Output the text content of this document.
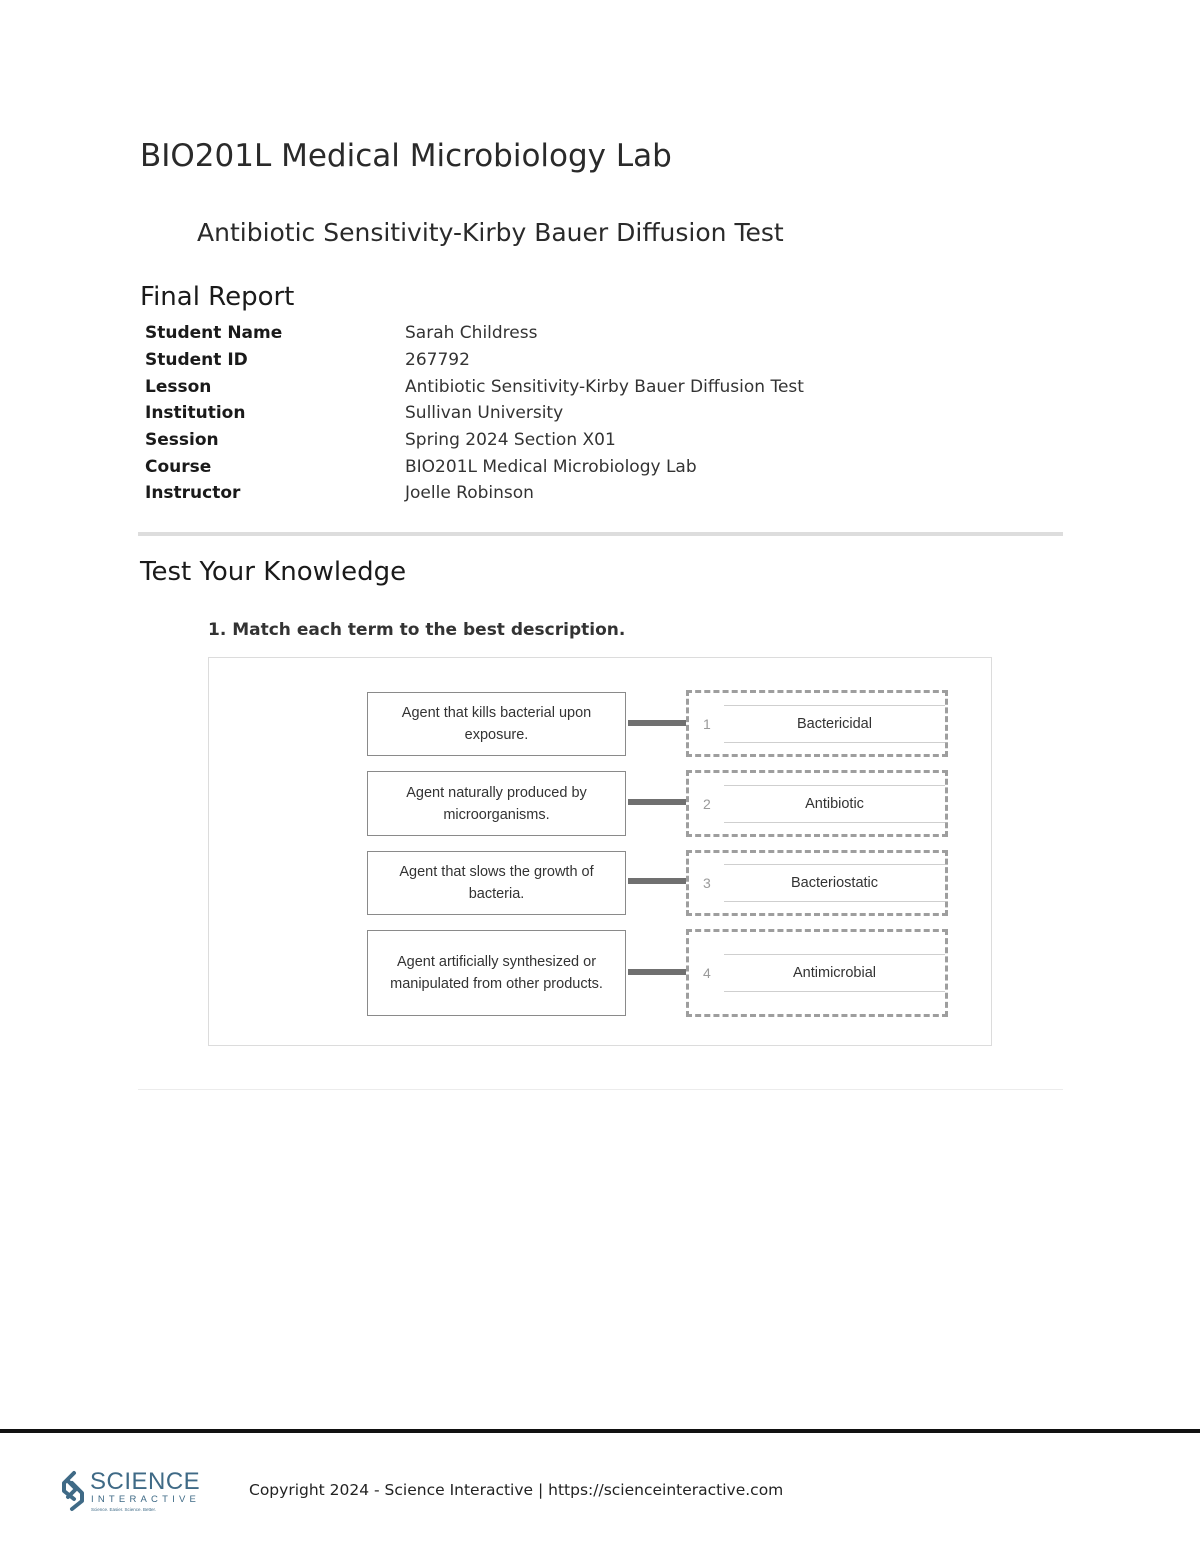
BIO201L Medical Microbiology Lab
Antibiotic Sensitivity-Kirby Bauer Diffusion Test
Final Report
Student Name	Sarah Childress
Student ID	267792
Lesson	Antibiotic Sensitivity-Kirby Bauer Diffusion Test
Institution	Sullivan University
Session	Spring 2024 Section X01
Course	BIO201L Medical Microbiology Lab
Instructor	Joelle Robinson
Test Your Knowledge
1. Match each term to the best description.
Agent that kills bacterial upon exposure.
1	Bactericidal
Agent naturally produced by microorganisms.
2	Antibiotic
Agent that slows the growth of bacteria.
3	Bacteriostatic
Agent artificially synthesized or manipulated from other products.
4	Antimicrobial
SCIENCE
INTERACTIVE
Science. Easier. Science. Better.
Copyright 2024 - Science Interactive | https://scienceinteractive.com
